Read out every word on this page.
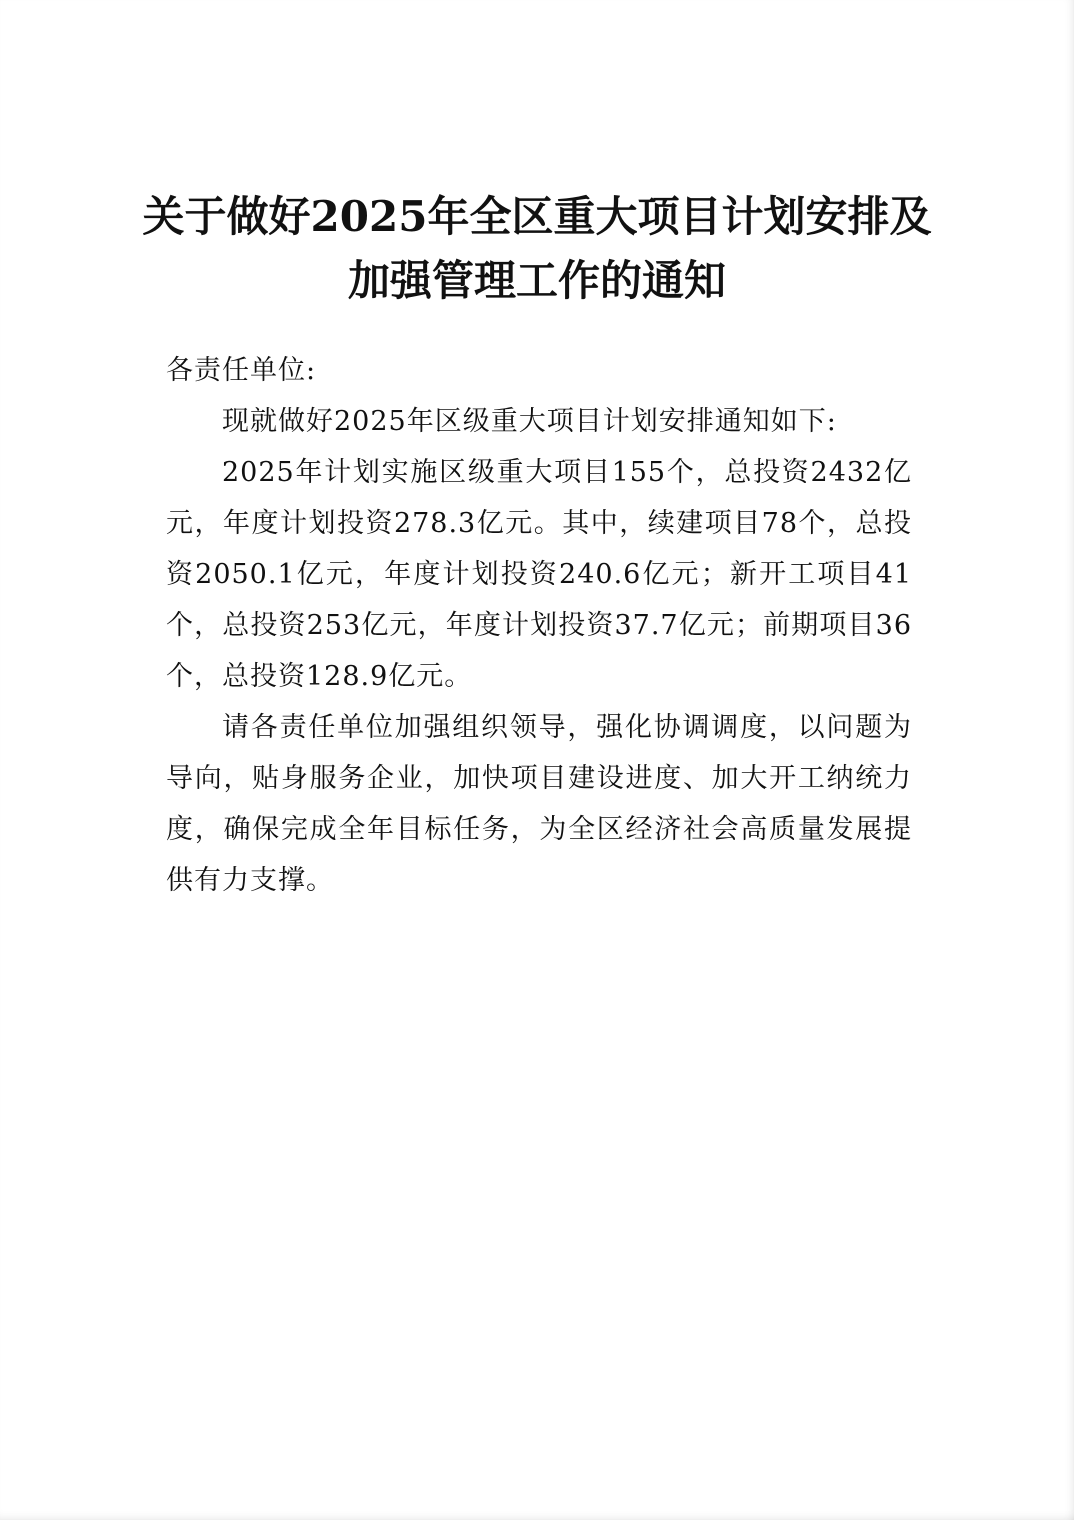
关于做好2025年全区重大项目计划安排及
加强管理工作的通知

各责任单位:

现就做好2025年区级重大项目计划安排通知如下:

2025年计划实施区级重大项目155个，总投资2432亿元，年度计划投资278.3亿元。其中，续建项目78个，总投资2050.1亿元，年度计划投资240.6亿元；新开工项目41个，总投资253亿元，年度计划投资37.7亿元；前期项目36个，总投资128.9亿元。

请各责任单位加强组织领导，强化协调调度，以问题为导向，贴身服务企业，加快项目建设进度、加大开工纳统力度，确保完成全年目标任务，为全区经济社会高质量发展提供有力支撑。
